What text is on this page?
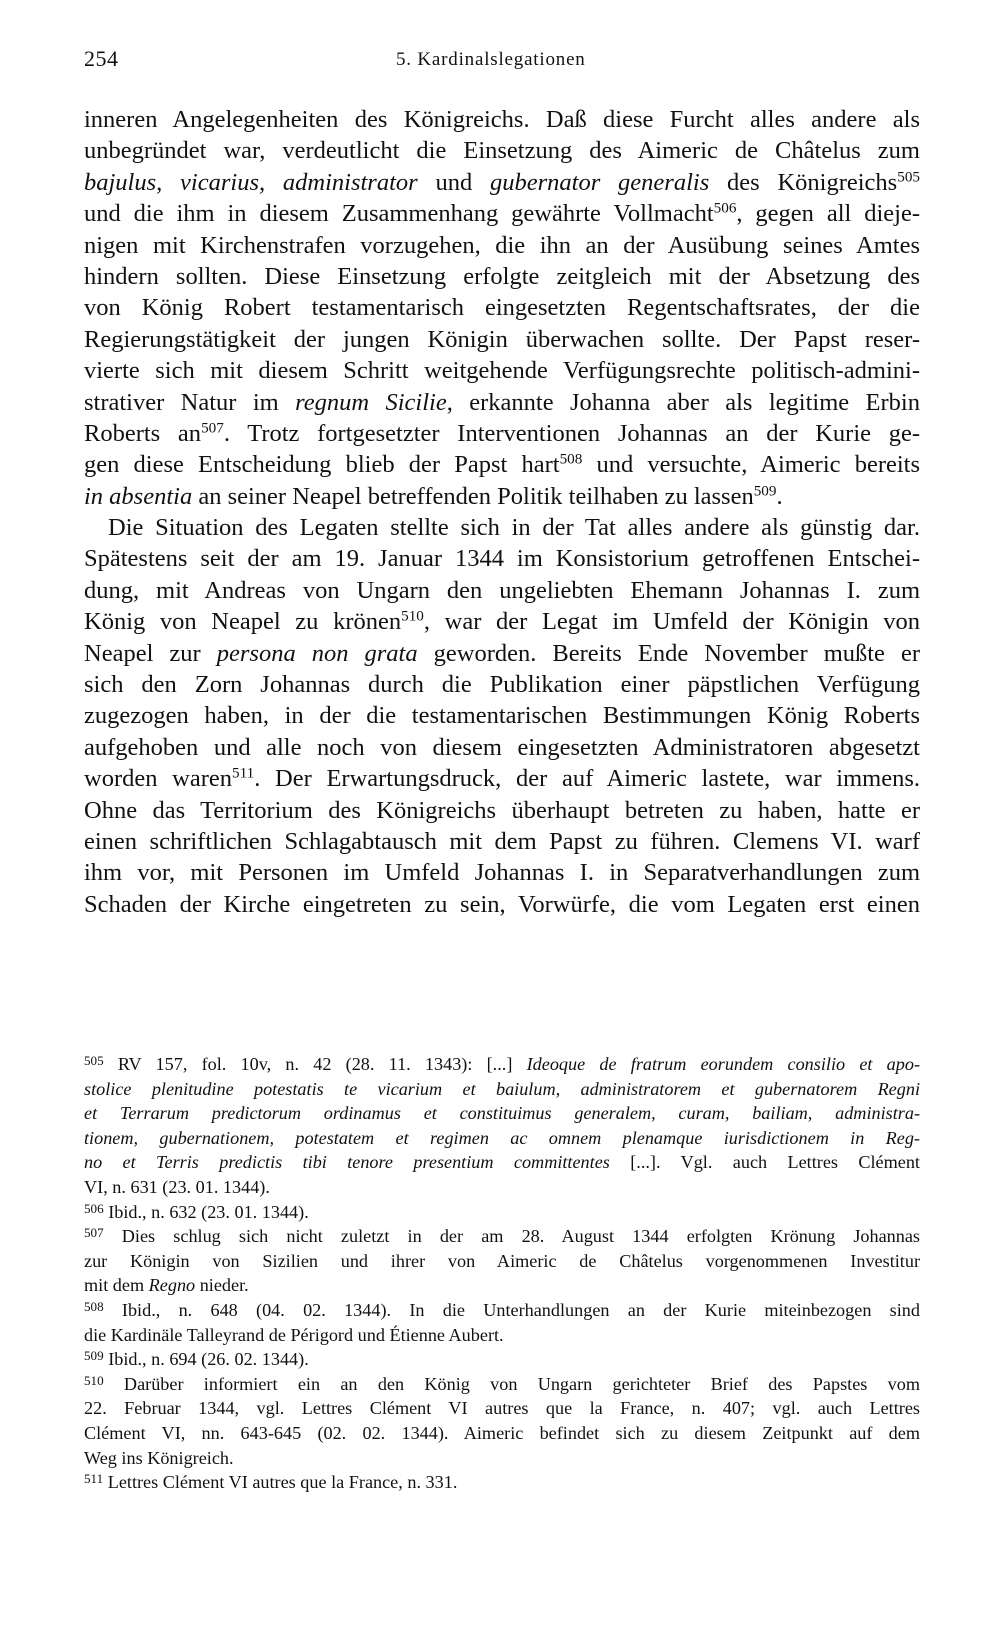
254	5. Kardinalslegationen
inneren Angelegenheiten des Königreichs. Daß diese Furcht alles andere als
unbegründet war, verdeutlicht die Einsetzung des Aimeric de Châtelus zum
bajulus, vicarius, administrator und gubernator generalis des Königreichs$^{505}$
und die ihm in diesem Zusammenhang gewährte Vollmacht$^{506}$, gegen all dieje-
nigen mit Kirchenstrafen vorzugehen, die ihn an der Ausübung seines Amtes
hindern sollten. Diese Einsetzung erfolgte zeitgleich mit der Absetzung des
von König Robert testamentarisch eingesetzten Regentschaftsrates, der die
Regierungstätigkeit der jungen Königin überwachen sollte. Der Papst reser-
vierte sich mit diesem Schritt weitgehende Verfügungsrechte politisch-admini-
strativer Natur im regnum Sicilie, erkannte Johanna aber als legitime Erbin
Roberts $an^{507}$. Trotz fortgesetzter Interventionen Johannas an der Kurie ge-
gen diese Entscheidung blieb der Papst hart$^{508}$ und versuchte, Aimeric bereits
in absentia an seiner Neapel betreffenden Politik teilhaben zu lassen$^{509}$.
Die Situation des Legaten stellte sich in der Tat alles andere als günstig dar.
Spätestens seit der am 19. Januar 1344 im Konsistorium getroffenen Entschei-
dung, mit Andreas von Ungarn den ungeliebten Ehemann Johannas I. zum
König von Neapel zu krönen$^{510}$, war der Legat im Umfeld der Königin von
Neapel zur persona non grata geworden. Bereits Ende November mußte er
sich den Zorn Johannas durch die Publikation einer päpstlichen Verfügung
zugezogen haben, in der die testamentarischen Bestimmungen König Roberts
aufgehoben und alle noch von diesem eingesetzten Administratoren abgesetzt
worden waren$^{511}$. Der Erwartungsdruck, der auf Aimeric lastete, war immens.
Ohne das Territorium des Königreichs überhaupt betreten zu haben, hatte er
einen schriftlichen Schlagabtausch mit dem Papst zu führen. Clemens VI. warf
ihm vor, mit Personen im Umfeld Johannas I. in Separatverhandlungen zum
Schaden der Kirche eingetreten zu sein, Vorwürfe, die vom Legaten erst einen
$^{505}$ RV 157, fol. 10v, n. 42 (28. 11. 1343): [...] Ideoque de fratrum eorundem consilio et apo-
stolice plenitudine potestatis te vicarium et baiulum, administratorem et gubernatorem Regni
et Terrarum predictorum ordinamus et constituimus generalem, curam, bailiam, administra-
tionem, gubernationem, potestatem et regimen ac omnem plenamque iurisdictionem in Reg-
no et Terris predictis tibi tenore presentium committentes [...]. Vgl. auch Lettres Clément
VI, n. 631 (23. 01. 1344).
$^{506}$ Ibid., n. 632 (23. 01. 1344).
$^{507}$ Dies schlug sich nicht zuletzt in der am 28. August 1344 erfolgten Krönung Johannas
zur Königin von Sizilien und ihrer von Aimeric de Châtelus vorgenommenen Investitur
mit dem Regno nieder.
$^{508}$ Ibid., n. 648 (04. 02. 1344). In die Unterhandlungen an der Kurie miteinbezogen sind
die Kardinäle Talleyrand de Périgord und Étienne Aubert.
$^{509}$ Ibid., n. 694 (26. 02. 1344).
$^{510}$ Darüber informiert ein an den König von Ungarn gerichteter Brief des Papstes vom
22. Februar 1344, vgl. Lettres Clément VI autres que la France, n. 407; vgl. auch Lettres
Clément VI, nn. 643-645 (02. 02. 1344). Aimeric befindet sich zu diesem Zeitpunkt auf dem
Weg ins Königreich.
$^{511}$ Lettres Clément VI autres que la France, n. 331.
